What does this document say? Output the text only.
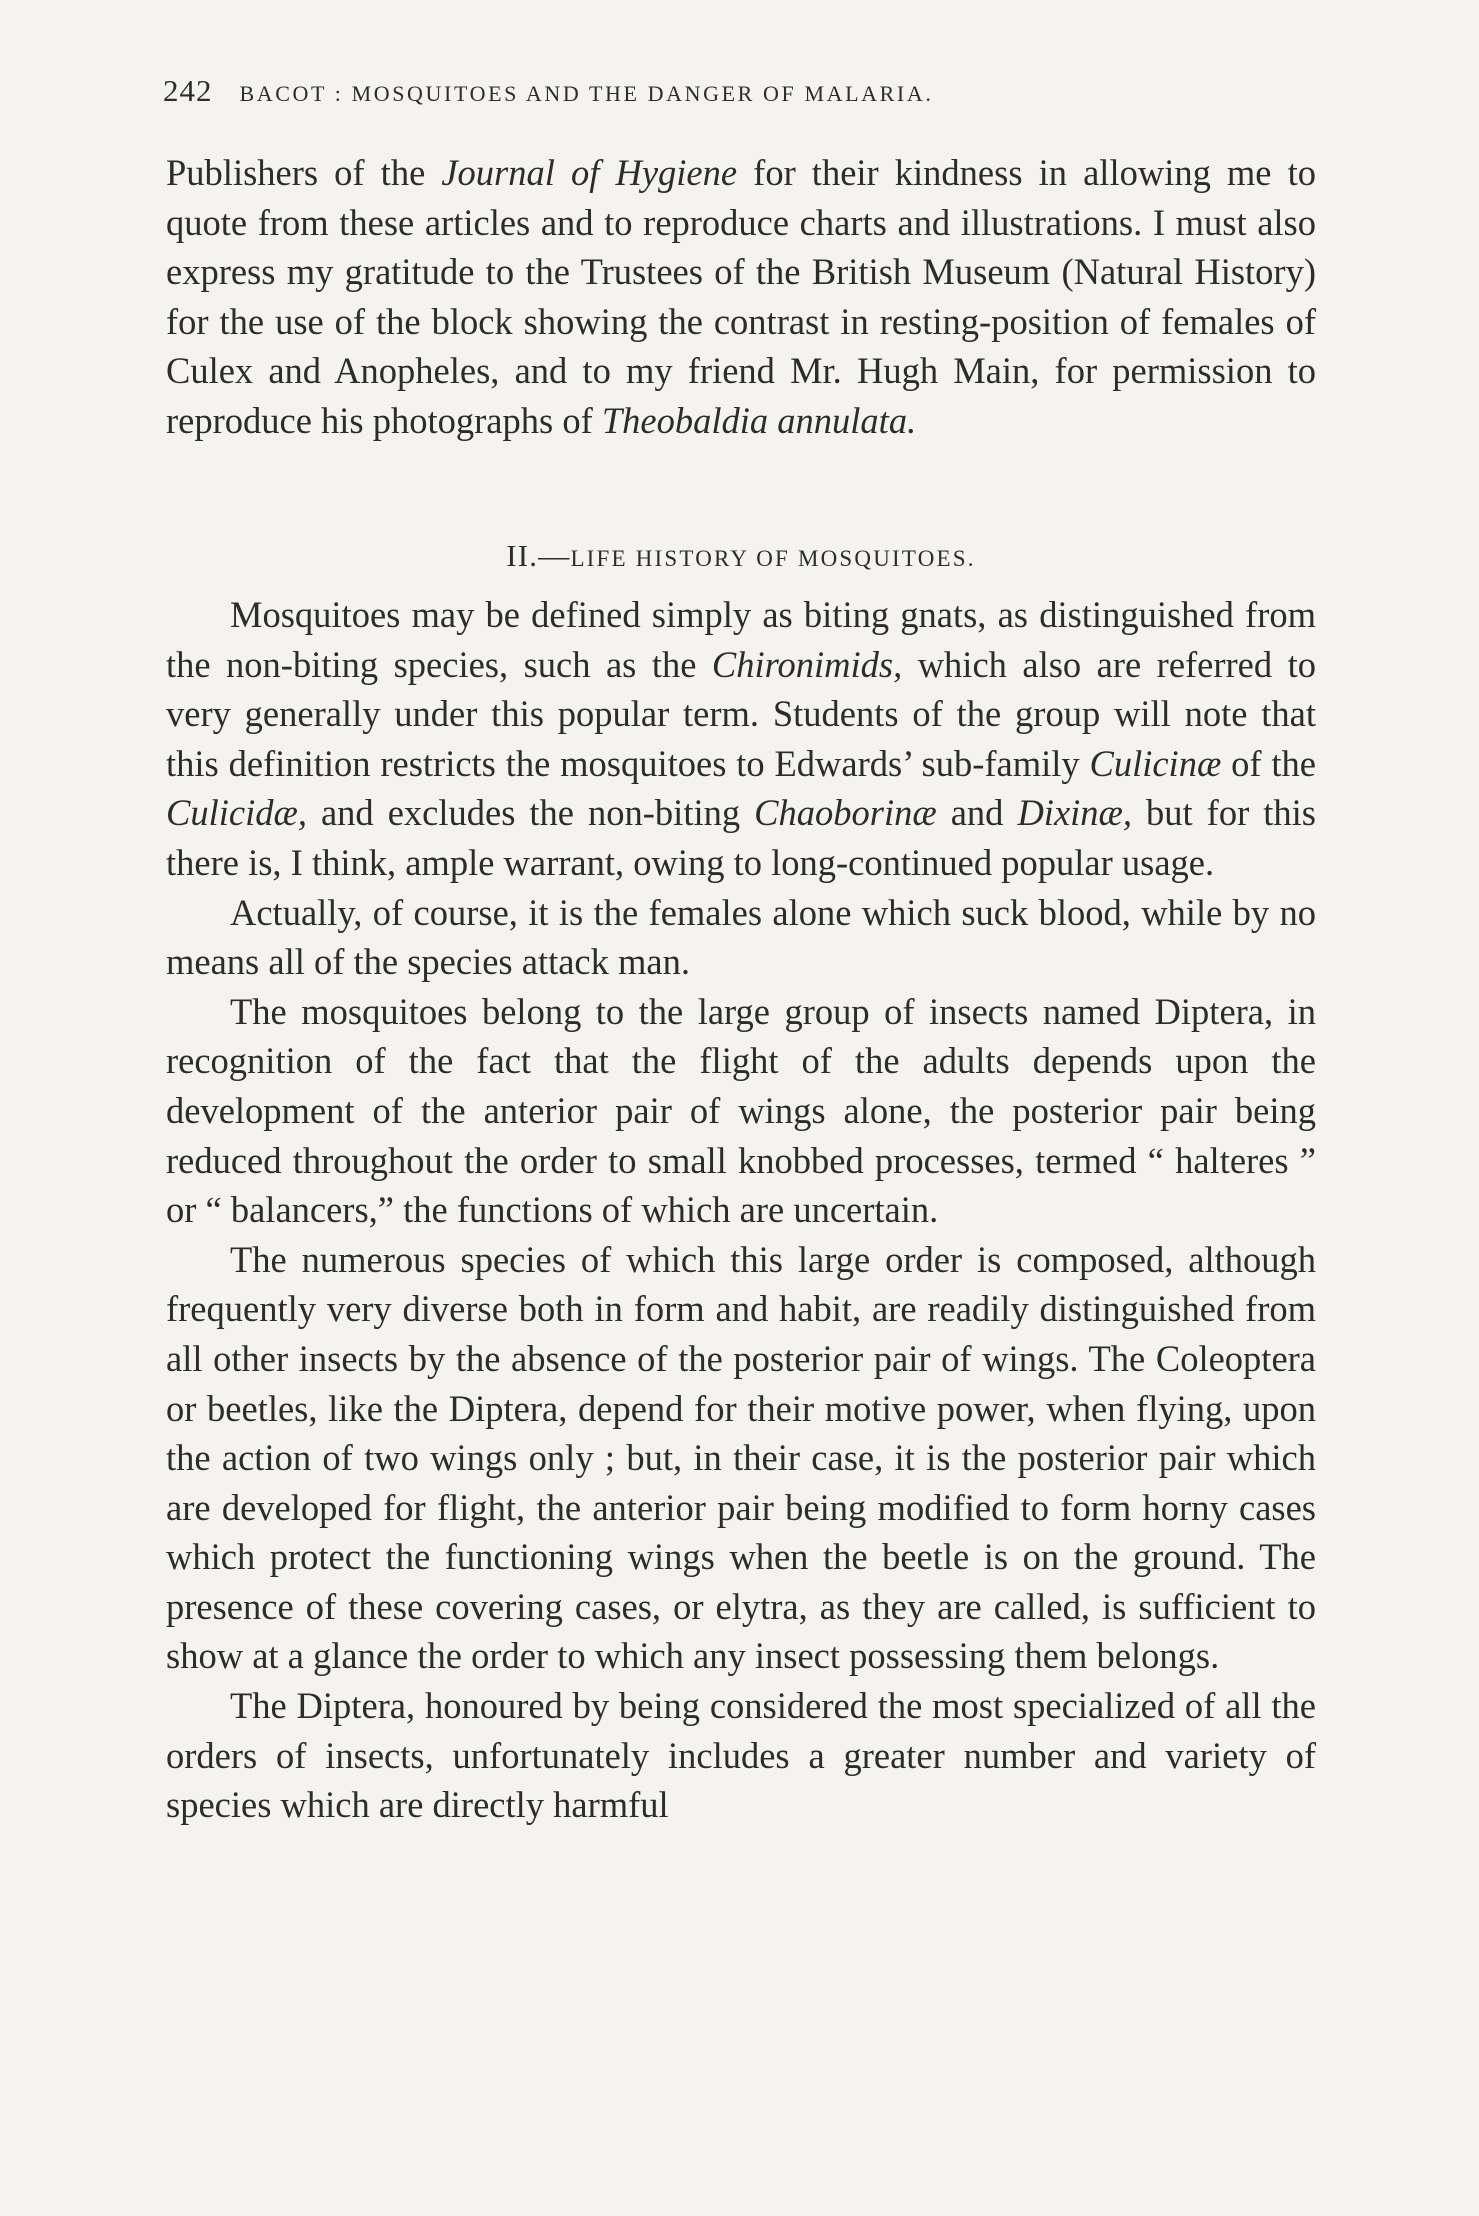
242 BACOT : MOSQUITOES AND THE DANGER OF MALARIA.

Publishers of the Journal of Hygiene for their kindness in allowing me to quote from these articles and to reproduce charts and illustrations. I must also express my gratitude to the Trustees of the British Museum (Natural History) for the use of the block showing the contrast in resting-position of females of Culex and Anopheles, and to my friend Mr. Hugh Main, for permission to reproduce his photographs of Theobaldia annulata.

II.—LIFE HISTORY OF MOSQUITOES.

Mosquitoes may be defined simply as biting gnats, as distinguished from the non-biting species, such as the Chironimids, which also are referred to very generally under this popular term. Students of the group will note that this definition restricts the mosquitoes to Edwards’ sub-family Culicinæ of the Culicidæ, and excludes the non-biting Chaoborinæ and Dixinæ, but for this there is, I think, ample warrant, owing to long-continued popular usage.

Actually, of course, it is the females alone which suck blood, while by no means all of the species attack man.

The mosquitoes belong to the large group of insects named Diptera, in recognition of the fact that the flight of the adults depends upon the development of the anterior pair of wings alone, the posterior pair being reduced throughout the order to small knobbed processes, termed “ halteres ” or “ balancers,” the functions of which are uncertain.

The numerous species of which this large order is composed, although frequently very diverse both in form and habit, are readily distinguished from all other insects by the absence of the posterior pair of wings. The Coleoptera or beetles, like the Diptera, depend for their motive power, when flying, upon the action of two wings only ; but, in their case, it is the posterior pair which are developed for flight, the anterior pair being modified to form horny cases which protect the functioning wings when the beetle is on the ground. The presence of these covering cases, or elytra, as they are called, is sufficient to show at a glance the order to which any insect possessing them belongs.

The Diptera, honoured by being considered the most specialized of all the orders of insects, unfortunately includes a greater number and variety of species which are directly harmful
